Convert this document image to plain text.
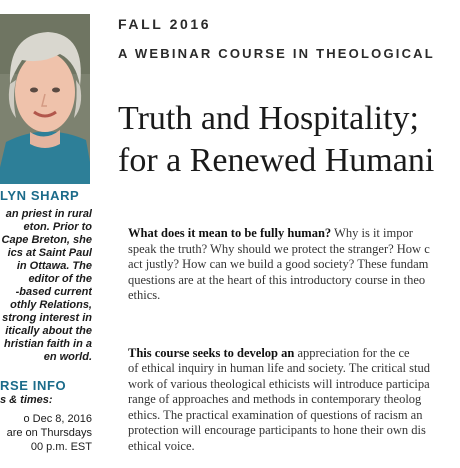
LYN SHARP
an priest in rural
eton. Prior to
Cape Breton, she
ics at Saint Paul
in Ottawa. The
editor of the
-based current
othly Relations,
strong interest in
itically about the
hristian faith in a
en world.
RSE INFO
s & times:
o Dec 8, 2016
are on Thursdays
00 p.m. EST
FALL 2016
A WEBINAR COURSE IN THEOLOGICAL
Truth and Hospitality;
for a Renewed Humani

What does it mean to be fully human? Why is it impor
speak the truth? Why should we protect the stranger? How c
act justly? How can we build a good society? These fundam
questions are at the heart of this introductory course in theo
ethics.

This course seeks to develop an appreciation for the ce
of ethical inquiry in human life and society. The critical stud
work of various theological ethicists will introduce participa
range of approaches and methods in contemporary theolog
ethics. The practical examination of questions of racism an
protection will encourage participants to hone their own dis
ethical voice.
